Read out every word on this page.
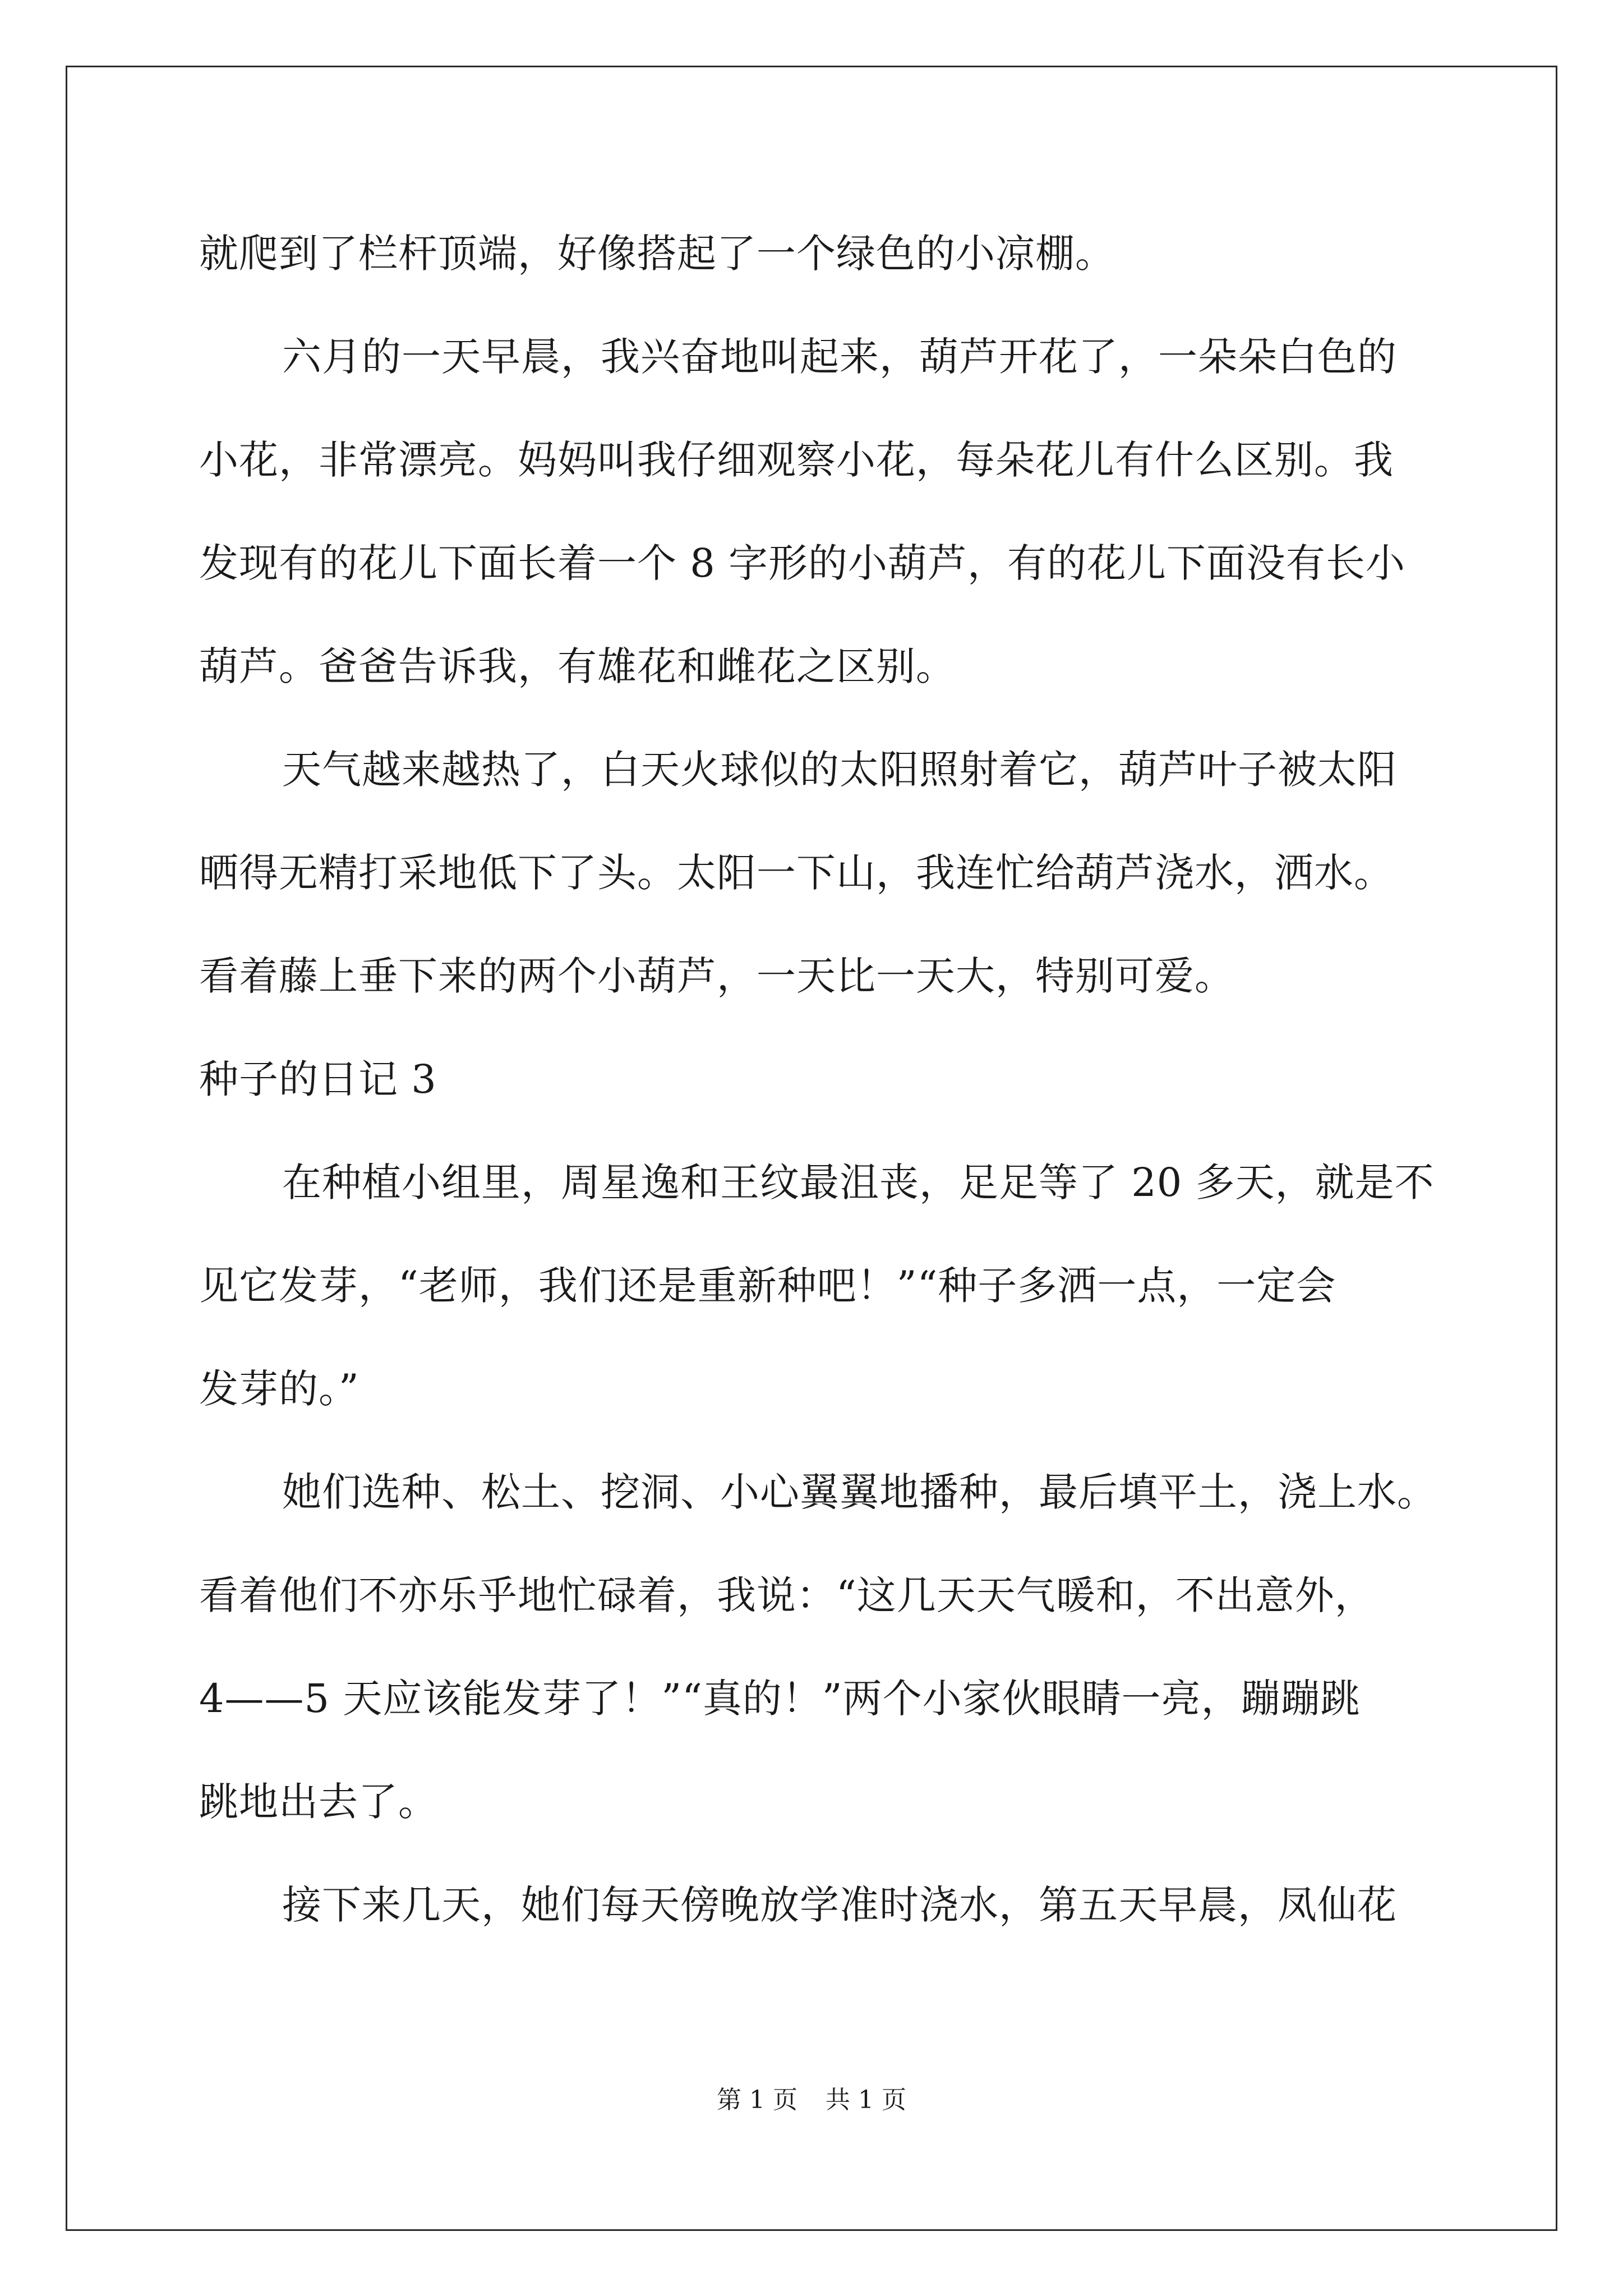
就爬到了栏杆顶端，好像搭起了一个绿色的小凉棚。
六月的一天早晨，我兴奋地叫起来，葫芦开花了，一朵朵白色的
小花，非常漂亮。妈妈叫我仔细观察小花，每朵花儿有什么区别。我
发现有的花儿下面长着一个 8 字形的小葫芦，有的花儿下面没有长小
葫芦。爸爸告诉我，有雄花和雌花之区别。
天气越来越热了，白天火球似的太阳照射着它，葫芦叶子被太阳
晒得无精打采地低下了头。太阳一下山，我连忙给葫芦浇水，洒水。
看着藤上垂下来的两个小葫芦，一天比一天大，特别可爱。
种子的日记 3
在种植小组里，周星逸和王纹最沮丧，足足等了 20 多天，就是不
见它发芽，“老师，我们还是重新种吧！”“种子多洒一点，一定会
发芽的。”
她们选种、松土、挖洞、小心翼翼地播种，最后填平土，浇上水。
看着他们不亦乐乎地忙碌着，我说：“这几天天气暖和，不出意外，
4——5 天应该能发芽了！”“真的！”两个小家伙眼睛一亮，蹦蹦跳
跳地出去了。
接下来几天，她们每天傍晚放学准时浇水，第五天早晨，凤仙花
第 1 页 共 1 页
